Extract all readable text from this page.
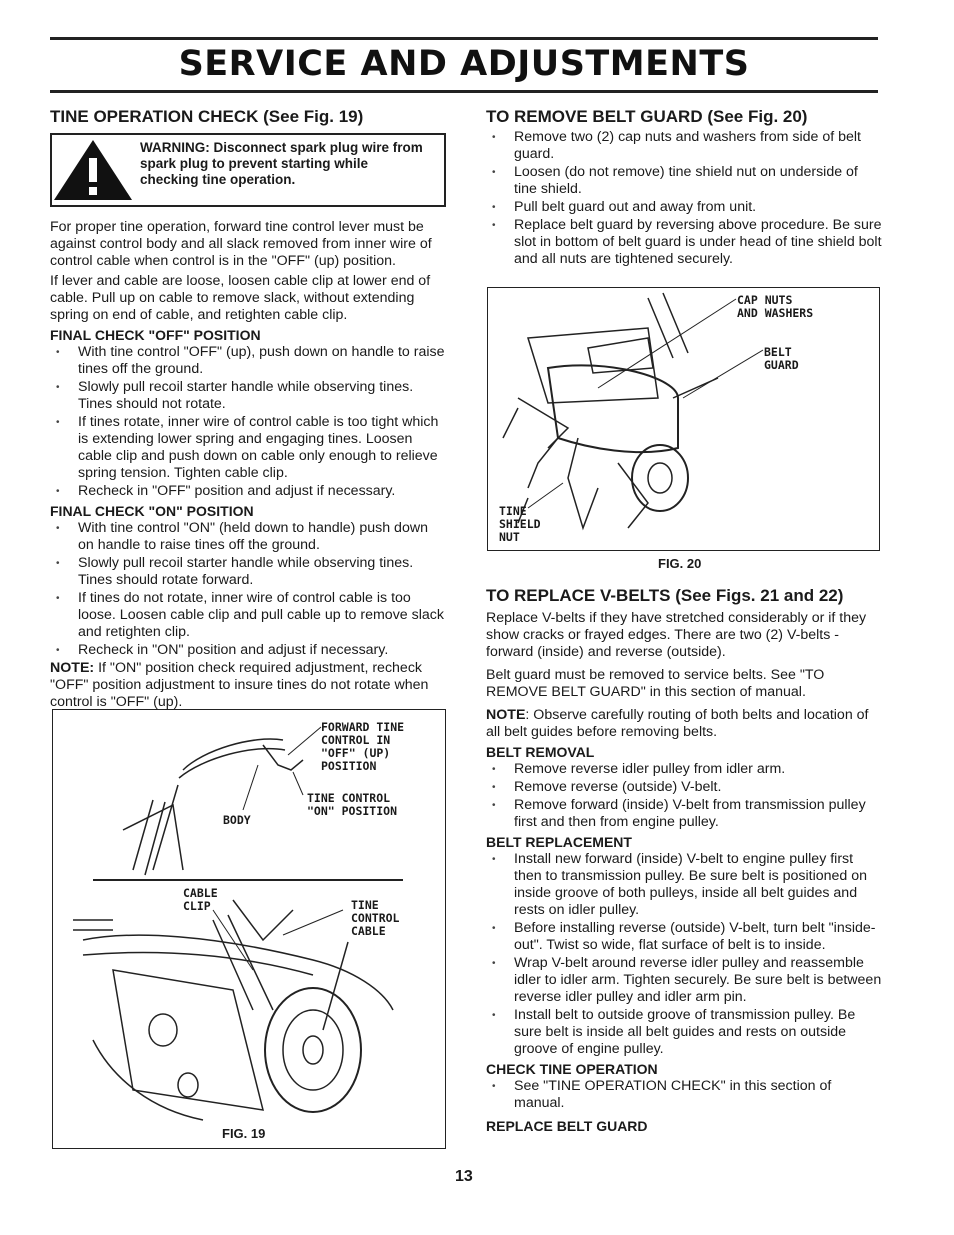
SERVICE AND ADJUSTMENTS
TINE OPERATION CHECK (See Fig. 19)
WARNING: Disconnect spark plug wire from spark plug to prevent starting while checking tine operation.

For proper tine operation, forward tine control lever must be against control body and all slack removed from inner wire of control cable when control is in the "OFF" (up) position.

If lever and cable are loose, loosen cable clip at lower end of cable. Pull up on cable to remove slack, without extending spring on end of cable, and retighten cable clip.

FINAL CHECK "OFF" POSITION
• With tine control "OFF" (up), push down on handle to raise tines off the ground.
• Slowly pull recoil starter handle while observing tines. Tines should not rotate.
• If tines rotate, inner wire of control cable is too tight which is extending lower spring and engaging tines. Loosen cable clip and push down on cable only enough to relieve spring tension. Tighten cable clip.
• Recheck in "OFF" position and adjust if necessary.
FINAL CHECK "ON" POSITION
• With tine control "ON" (held down to handle) push down on handle to raise tines off the ground.
• Slowly pull recoil starter handle while observing tines. Tines should rotate forward.
• If tines do not rotate, inner wire of control cable is too loose. Loosen cable clip and pull cable up to remove slack and retighten clip.
• Recheck in "ON" position and adjust if necessary.

NOTE: If "ON" position check required adjustment, recheck "OFF" position adjustment to insure tines do not rotate when control is "OFF" (up).

FORWARD TINE
CONTROL IN
"OFF" (UP)
POSITION
TINE CONTROL
"ON" POSITION
BODY
CABLE
CLIP	TINE
CONTROL
CABLE
FIG. 19
TO REMOVE BELT GUARD (See Fig. 20)
• Remove two (2) cap nuts and washers from side of belt guard.
• Loosen (do not remove) tine shield nut on underside of tine shield.
• Pull belt guard out and away from unit.
• Replace belt guard by reversing above procedure. Be sure slot in bottom of belt guard is under head of tine shield bolt and all nuts are tightened securely.
CAP NUTS
AND WASHERS
BELT
GUARD
TINE
SHIELD
NUT
FIG. 20
TO REPLACE V-BELTS (See Figs. 21 and 22)

Replace V-belts if they have stretched considerably or if they show cracks or frayed edges. There are two (2) V-belts - forward (inside) and reverse (outside).

Belt guard must be removed to service belts. See "TO REMOVE BELT GUARD" in this section of manual.

NOTE: Observe carefully routing of both belts and location of all belt guides before removing belts.

BELT REMOVAL
• Remove reverse idler pulley from idler arm.
• Remove reverse (outside) V-belt.
• Remove forward (inside) V-belt from transmission pulley first and then from engine pulley.
BELT REPLACEMENT
• Install new forward (inside) V-belt to engine pulley first then to transmission pulley. Be sure belt is positioned on inside groove of both pulleys, inside all belt guides and rests on idler pulley.
• Before installing reverse (outside) V-belt, turn belt "inside-out". Twist so wide, flat surface of belt is to inside.
• Wrap V-belt around reverse idler pulley and reassemble idler to idler arm. Tighten securely. Be sure belt is between reverse idler pulley and idler arm pin.
• Install belt to outside groove of transmission pulley. Be sure belt is inside all belt guides and rests on outside groove of engine pulley.
CHECK TINE OPERATION
• See "TINE OPERATION CHECK" in this section of manual.
REPLACE BELT GUARD
13
